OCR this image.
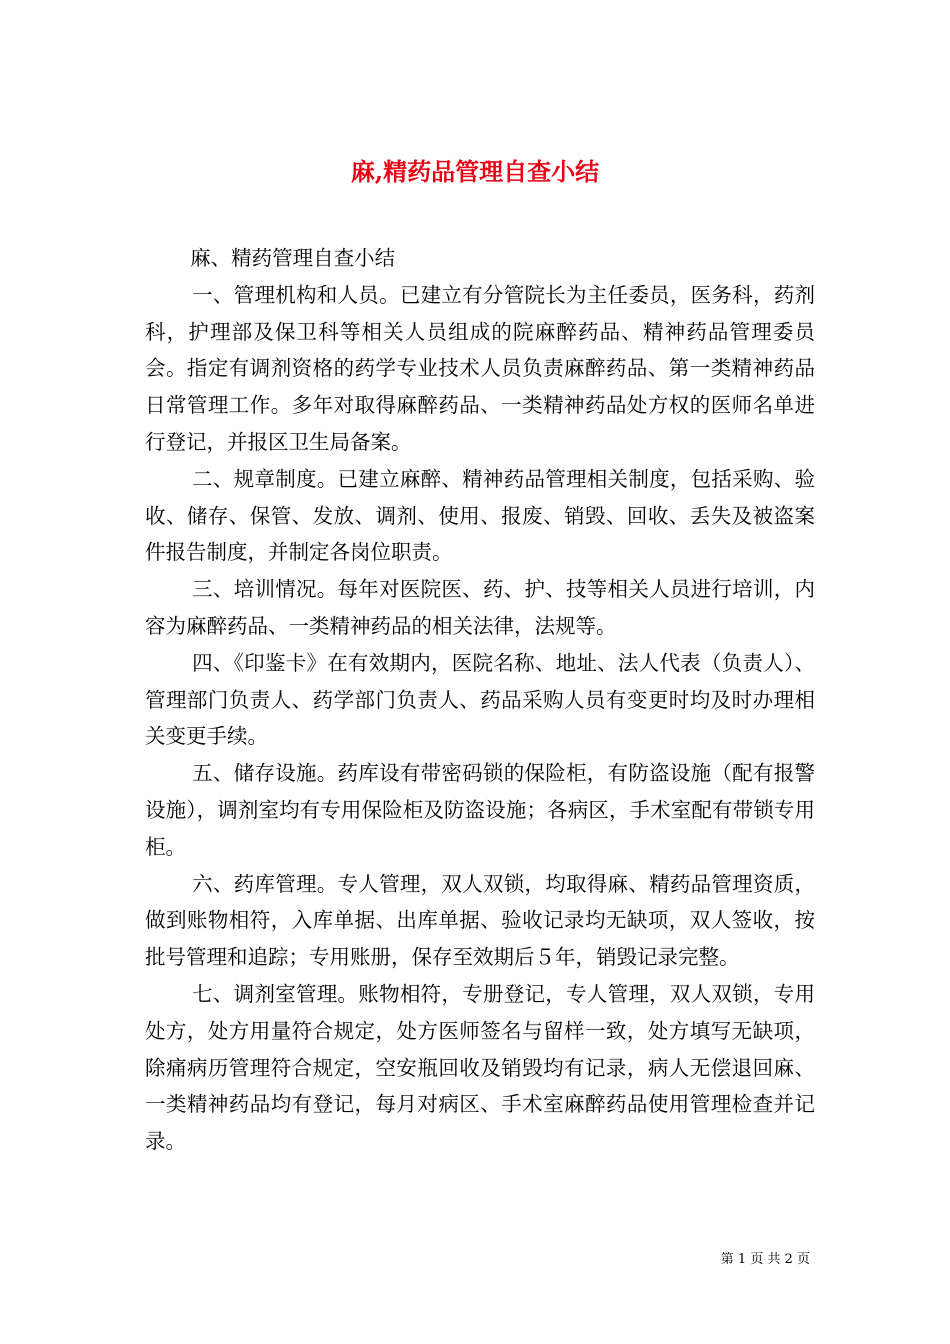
麻,精药品管理自查小结

麻、精药管理自查小结

一、管理机构和人员。已建立有分管院长为主任委员，医务科，药剂科，护理部及保卫科等相关人员组成的院麻醉药品、精神药品管理委员会。指定有调剂资格的药学专业技术人员负责麻醉药品、第一类精神药品日常管理工作。多年对取得麻醉药品、一类精神药品处方权的医师名单进行登记，并报区卫生局备案。

二、规章制度。已建立麻醉、精神药品管理相关制度，包括采购、验收、储存、保管、发放、调剂、使用、报废、销毁、回收、丢失及被盗案件报告制度，并制定各岗位职责。

三、培训情况。每年对医院医、药、护、技等相关人员进行培训，内容为麻醉药品、一类精神药品的相关法律，法规等。

四、《印鉴卡》在有效期内，医院名称、地址、法人代表（负责人）、管理部门负责人、药学部门负责人、药品采购人员有变更时均及时办理相关变更手续。

五、储存设施。药库设有带密码锁的保险柜，有防盗设施（配有报警设施），调剂室均有专用保险柜及防盗设施；各病区，手术室配有带锁专用柜。

六、药库管理。专人管理，双人双锁，均取得麻、精药品管理资质，做到账物相符，入库单据、出库单据、验收记录均无缺项，双人签收，按批号管理和追踪；专用账册，保存至效期后５年，销毁记录完整。

七、调剂室管理。账物相符，专册登记，专人管理，双人双锁，专用处方，处方用量符合规定，处方医师签名与留样一致，处方填写无缺项，除痛病历管理符合规定，空安瓶回收及销毁均有记录，病人无偿退回麻、一类精神药品均有登记，每月对病区、手术室麻醉药品使用管理检查并记录。

第 1 页 共 2 页
